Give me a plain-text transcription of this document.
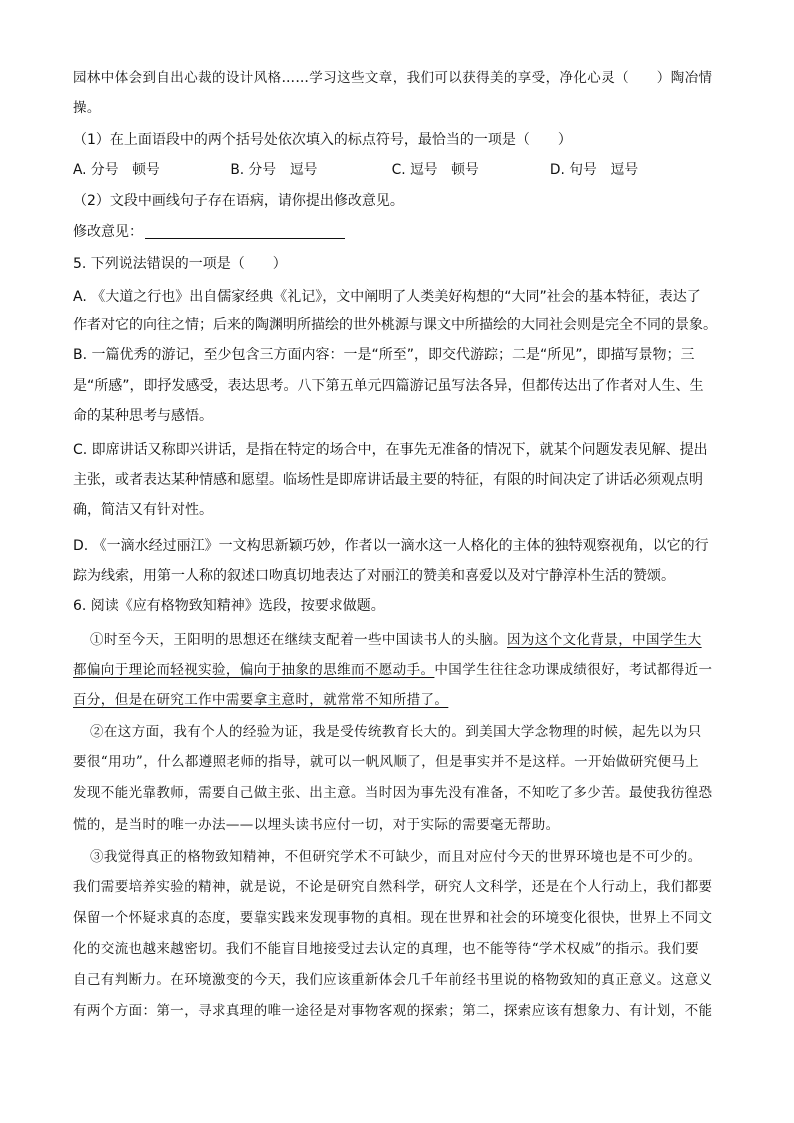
园林中体会到自出心裁的设计风格……学习这些文章，我们可以获得美的享受，净化心灵（　　）陶冶情
操。
（1）在上面语段中的两个括号处依次填入的标点符号，最恰当的一项是（　　）
A. 分号　顿号	B. 分号　逗号	C. 逗号　顿号	D. 句号　逗号
（2）文段中画线句子存在语病，请你提出修改意见。
修改意见：
5. 下列说法错误的一项是（　　）
A. 《大道之行也》出自儒家经典《礼记》，文中阐明了人类美好构想的“大同”社会的基本特征，表达了
作者对它的向往之情；后来的陶渊明所描绘的世外桃源与课文中所描绘的大同社会则是完全不同的景象。
B. 一篇优秀的游记，至少包含三方面内容：一是“所至”，即交代游踪；二是“所见”，即描写景物；三
是“所感”，即抒发感受，表达思考。八下第五单元四篇游记虽写法各异，但都传达出了作者对人生、生
命的某种思考与感悟。
C. 即席讲话又称即兴讲话，是指在特定的场合中，在事先无准备的情况下，就某个问题发表见解、提出
主张，或者表达某种情感和愿望。临场性是即席讲话最主要的特征，有限的时间决定了讲话必须观点明
确，简洁又有针对性。
D. 《一滴水经过丽江》一文构思新颖巧妙，作者以一滴水这一人格化的主体的独特观察视角，以它的行
踪为线索，用第一人称的叙述口吻真切地表达了对丽江的赞美和喜爱以及对宁静淳朴生活的赞颂。
6. 阅读《应有格物致知精神》选段，按要求做题。
①时至今天，王阳明的思想还在继续支配着一些中国读书人的头脑。因为这个文化背景，中国学生大
都偏向于理论而轻视实验，偏向于抽象的思维而不愿动手。中国学生往往念功课成绩很好，考试都得近一
百分，但是在研究工作中需要拿主意时，就常常不知所措了。
②在这方面，我有个人的经验为证，我是受传统教育长大的。到美国大学念物理的时候，起先以为只
要很“用功”，什么都遵照老师的指导，就可以一帆风顺了，但是事实并不是这样。一开始做研究便马上
发现不能光靠教师，需要自己做主张、出主意。当时因为事先没有准备，不知吃了多少苦。最使我彷徨恐
慌的，是当时的唯一办法——以埋头读书应付一切，对于实际的需要毫无帮助。
③我觉得真正的格物致知精神，不但研究学术不可缺少，而且对应付今天的世界环境也是不可少的。
我们需要培养实验的精神，就是说，不论是研究自然科学，研究人文科学，还是在个人行动上，我们都要
保留一个怀疑求真的态度，要靠实践来发现事物的真相。现在世界和社会的环境变化很快，世界上不同文
化的交流也越来越密切。我们不能盲目地接受过去认定的真理，也不能等待“学术权威”的指示。我们要
自己有判断力。在环境激变的今天，我们应该重新体会几千年前经书里说的格物致知的真正意义。这意义
有两个方面：第一，寻求真理的唯一途径是对事物客观的探索；第二，探索应该有想象力、有计划，不能
